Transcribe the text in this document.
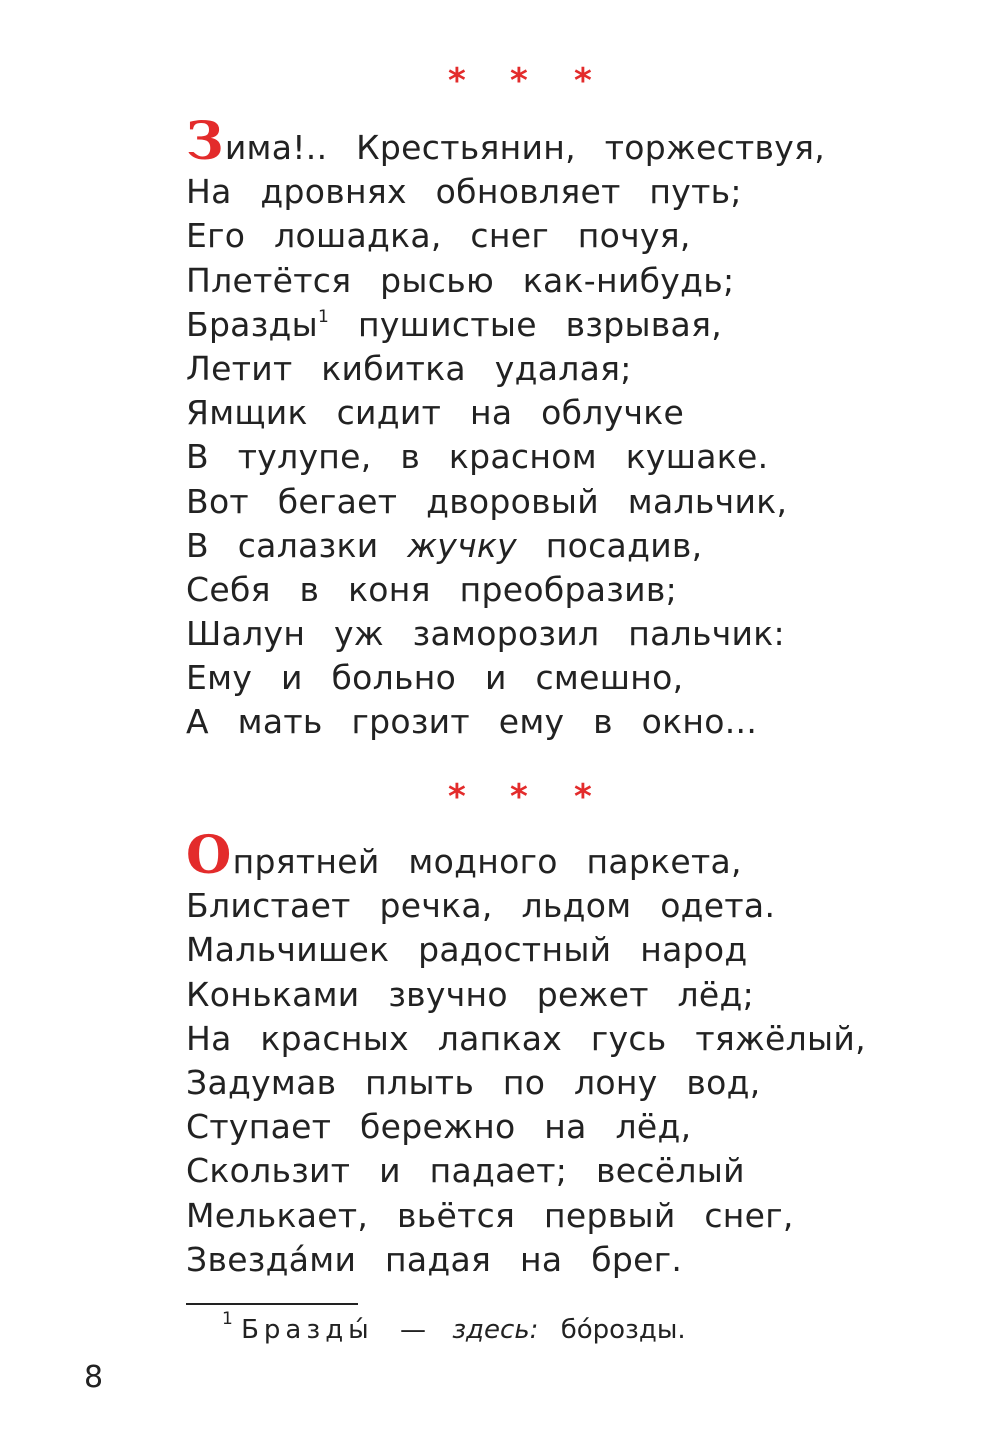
* * *
Зима!.. Крестьянин, торжествуя,
На дровнях обновляет путь;
Его лошадка, снег почуя,
Плетётся рысью как-нибудь;
Бразды$^1$ пушистые взрывая,
Летит кибитка удалая;
Ямщик сидит на облучке
В тулупе, в красном кушаке.
Вот бегает дворовый мальчик,
В салазки жучку посадив,
Себя в коня преобразив;
Шалун уж заморозил пальчик:
Ему и больно и смешно,
А мать грозит ему в окно...
* * *
Опрятней модного паркета,
Блистает речка, льдом одета.
Мальчишек радостный народ
Коньками звучно режет лёд;
На красных лапках гусь тяжёлый,
Задумав плыть по лону вод,
Ступает бережно на лёд,
Скользит и падает; весёлый
Мелькает, вьётся первый снег,
Звезда́ми падая на брег.
$^1$ Бразды́ — здесь: бо́розды.
8
